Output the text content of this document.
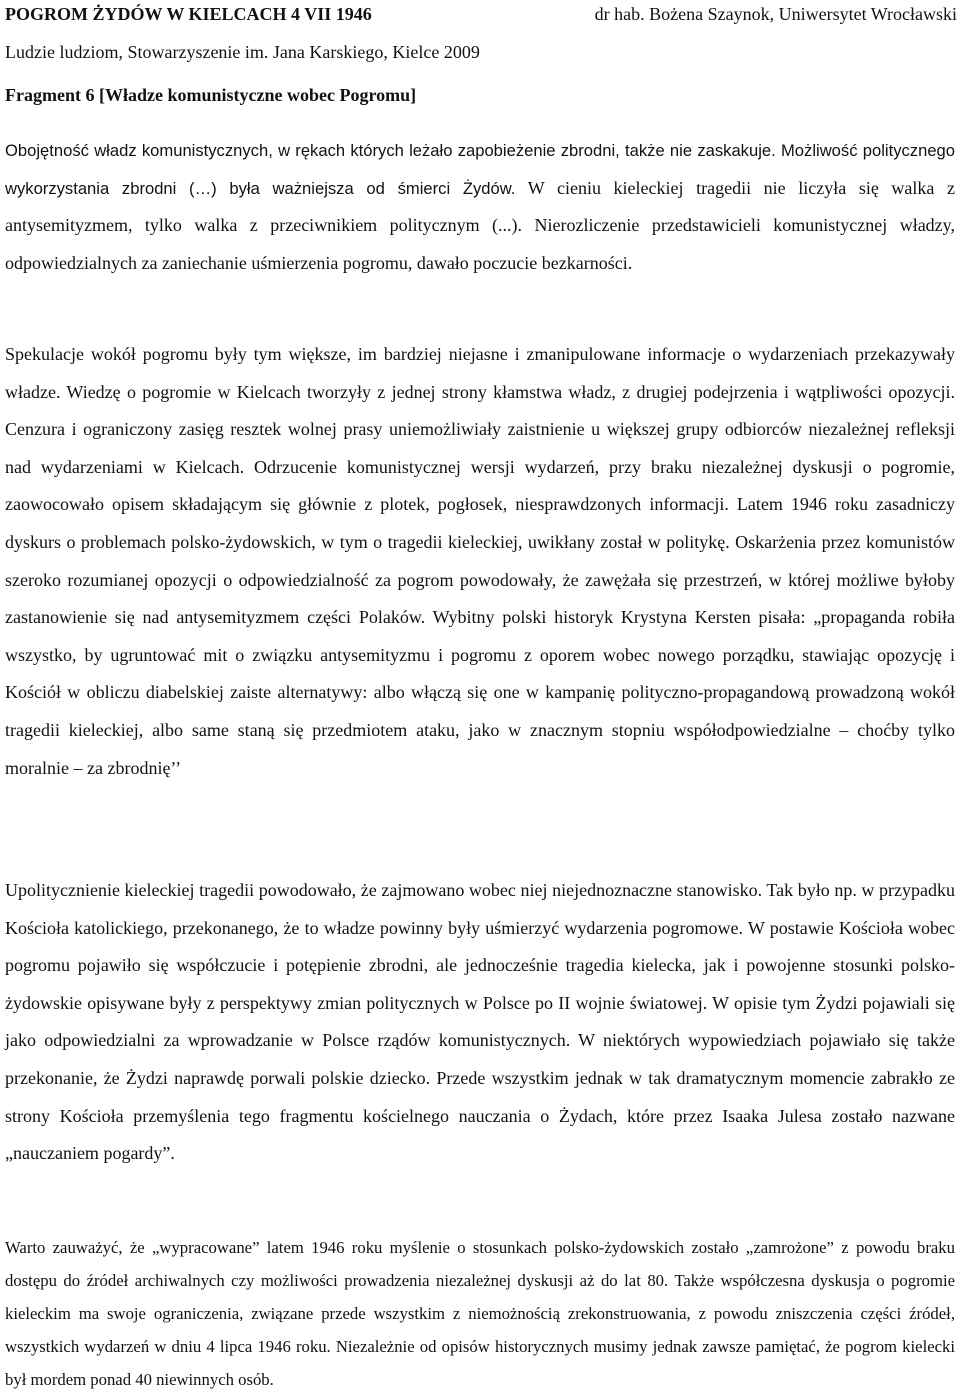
POGROM ŻYDÓW W KIELCACH 4 VII 1946	dr hab. Bożena Szaynok, Uniwersytet Wrocławski
Ludzie ludziom, Stowarzyszenie im. Jana Karskiego, Kielce 2009
Fragment 6 [Władze komunistyczne wobec Pogromu]

Obojętność władz komunistycznych, w rękach których leżało zapobieżenie zbrodni, także nie zaskakuje. Możliwość politycznego wykorzystania zbrodni (…) była ważniejsza od śmierci Żydów. W cieniu kieleckiej tragedii nie liczyła się walka z antysemityzmem, tylko walka z przeciwnikiem politycznym (...). Nierozliczenie przedstawicieli komunistycznej władzy, odpowiedzialnych za zaniechanie uśmierzenia pogromu, dawało poczucie bezkarności.

Spekulacje wokół pogromu były tym większe, im bardziej niejasne i zmanipulowane informacje o wydarzeniach przekazywały władze. Wiedzę o pogromie w Kielcach tworzyły z jednej strony kłamstwa władz, z drugiej podejrzenia i wątpliwości opozycji. Cenzura i ograniczony zasięg resztek wolnej prasy uniemożliwiały zaistnienie u większej grupy odbiorców niezależnej refleksji nad wydarzeniami w Kielcach. Odrzucenie komunistycznej wersji wydarzeń, przy braku niezależnej dyskusji o pogromie, zaowocowało opisem składającym się głównie z plotek, pogłosek, niesprawdzonych informacji. Latem 1946 roku zasadniczy dyskurs o problemach polsko-żydowskich, w tym o tragedii kieleckiej, uwikłany został w politykę. Oskarżenia przez komunistów szeroko rozumianej opozycji o odpowiedzialność za pogrom powodowały, że zawężała się przestrzeń, w której możliwe byłoby zastanowienie się nad antysemityzmem części Polaków. Wybitny polski historyk Krystyna Kersten pisała: „propaganda robiła wszystko, by ugruntować mit o związku antysemityzmu i pogromu z oporem wobec nowego porządku, stawiając opozycję i Kościół w obliczu diabelskiej zaiste alternatywy: albo włączą się one w kampanię polityczno-propagandową prowadzoną wokół tragedii kieleckiej, albo same staną się przedmiotem ataku, jako w znacznym stopniu współodpowiedzialne – choćby tylko moralnie – za zbrodnię’’

Upolitycznienie kieleckiej tragedii powodowało, że zajmowano wobec niej niejednoznaczne stanowisko. Tak było np. w przypadku Kościoła katolickiego, przekonanego, że to władze powinny były uśmierzyć wydarzenia pogromowe. W postawie Kościoła wobec pogromu pojawiło się współczucie i potępienie zbrodni, ale jednocześnie tragedia kielecka, jak i powojenne stosunki polsko-żydowskie opisywane były z perspektywy zmian politycznych w Polsce po II wojnie światowej. W opisie tym Żydzi pojawiali się jako odpowiedzialni za wprowadzanie w Polsce rządów komunistycznych. W niektórych wypowiedziach pojawiało się także przekonanie, że Żydzi naprawdę porwali polskie dziecko. Przede wszystkim jednak w tak dramatycznym momencie zabrakło ze strony Kościoła przemyślenia tego fragmentu kościelnego nauczania o Żydach, które przez Isaaka Julesa zostało nazwane „nauczaniem pogardy”.

Warto zauważyć, że „wypracowane” latem 1946 roku myślenie o stosunkach polsko-żydowskich zostało „zamrożone” z powodu braku dostępu do źródeł archiwalnych czy możliwości prowadzenia niezależnej dyskusji aż do lat 80. Także współczesna dyskusja o pogromie kieleckim ma swoje ograniczenia, związane przede wszystkim z niemożnością zrekonstruowania, z powodu zniszczenia części źródeł, wszystkich wydarzeń w dniu 4 lipca 1946 roku. Niezależnie od opisów historycznych musimy jednak zawsze pamiętać, że pogrom kielecki był mordem ponad 40 niewinnych osób.
